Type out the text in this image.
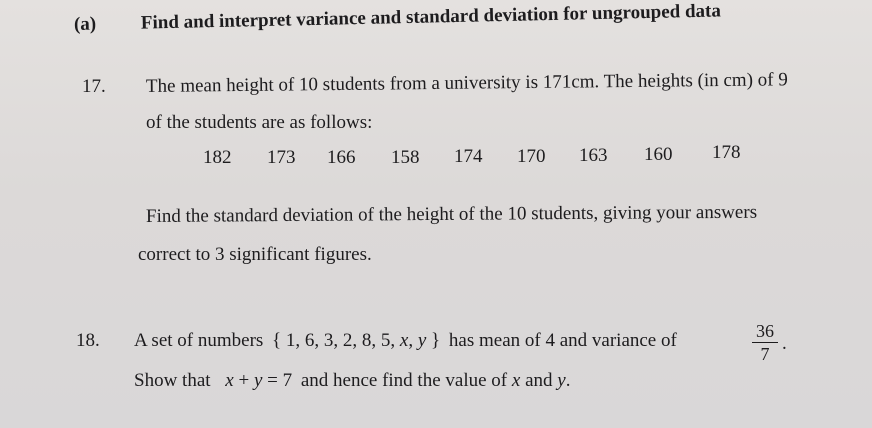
(a) Find and interpret variance and standard deviation for ungrouped data
17. The mean height of 10 students from a university is 171cm. The heights (in cm) of 9
of the students are as follows:
182 173 166 158 174 170 163 160 178
Find the standard deviation of the height of the 10 students, giving your answers
correct to 3 significant figures.
18. A set of numbers { 1, 6, 3, 2, 8, 5, x, y } has mean of 4 and variance of	36
7 .
Show that x + y = 7 and hence find the value of x and y.
